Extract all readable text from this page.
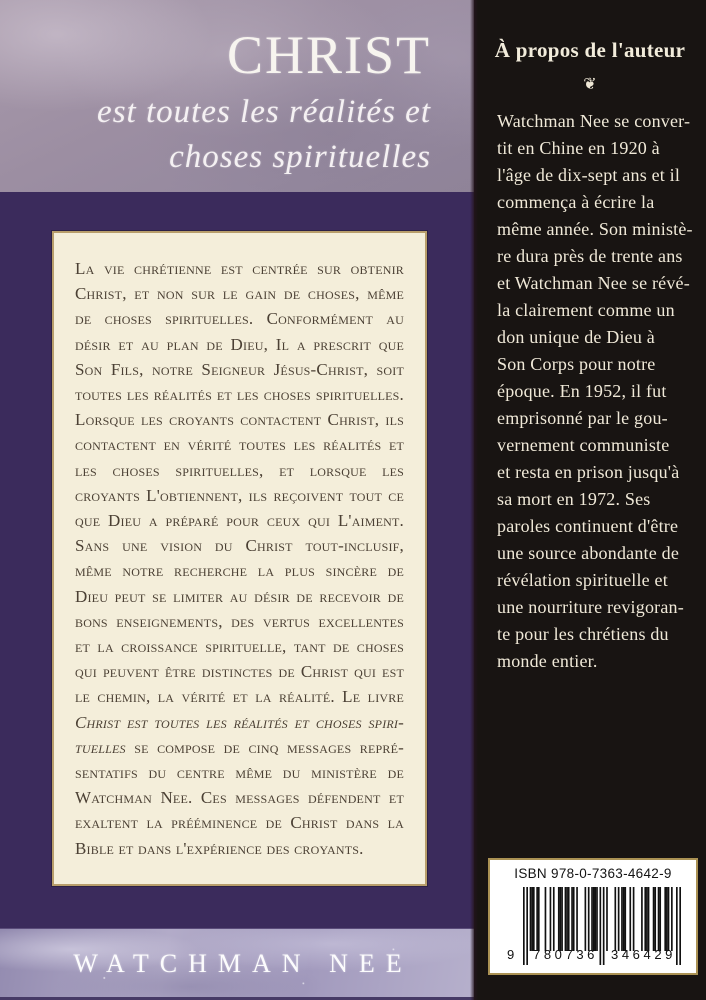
CHRIST
est toutes les réalités et
choses spirituelles
La vie chrétienne est centrée sur obtenir
Christ, et non sur le gain de choses, même
de choses spirituelles. Conformément au
désir et au plan de Dieu, Il a prescrit que
Son Fils, notre Seigneur Jésus-Christ, soit
toutes les réalités et les choses spirituelles.
Lorsque les croyants contactent Christ, ils
contactent en vérité toutes les réalités et
les choses spirituelles, et lorsque les
croyants L'obtiennent, ils reçoivent tout ce
que Dieu a préparé pour ceux qui L'aiment.
Sans une vision du Christ tout-inclusif,
même notre recherche la plus sincère de
Dieu peut se limiter au désir de recevoir de
bons enseignements, des vertus excellentes
et la croissance spirituelle, tant de choses
qui peuvent être distinctes de Christ qui est
le chemin, la vérité et la réalité. Le livre
Christ est toutes les réalités et choses spiri-
tuelles se compose de cinq messages repré-
sentatifs du centre même du ministère de
Watchman Nee. Ces messages défendent et
exaltent la prééminence de Christ dans la
Bible et dans l'expérience des croyants.
WATCHMAN NEE
À propos de l'auteur
❦
Watchman Nee se conver-
tit en Chine en 1920 à
l'âge de dix-sept ans et il
commença à écrire la
même année. Son ministè-
re dura près de trente ans
et Watchman Nee se révé-
la clairement comme un
don unique de Dieu à
Son Corps pour notre
époque. En 1952, il fut
emprisonné par le gou-
vernement communiste
et resta en prison jusqu'à
sa mort en 1972. Ses
paroles continuent d'être
une source abondante de
révélation spirituelle et
une nourriture revigoran-
te pour les chrétiens du
monde entier.
ISBN 978-0-7363-4642-9
9 780736 346429
